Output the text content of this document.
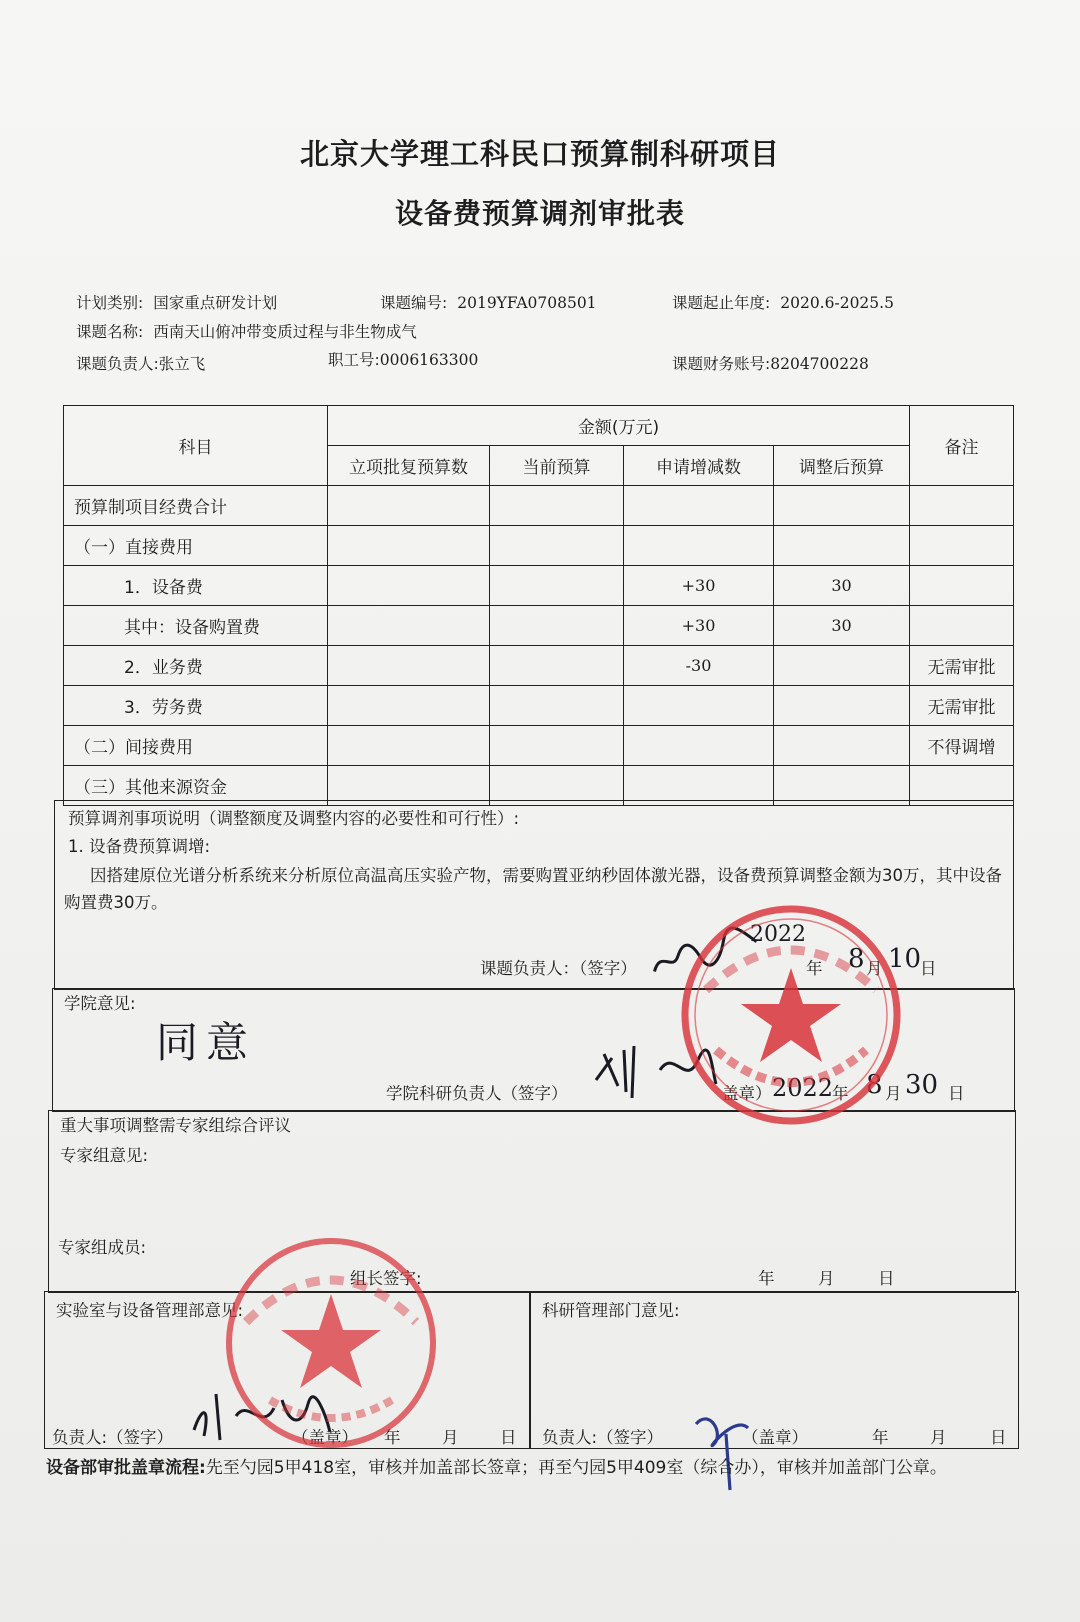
北京大学理工科民口预算制科研项目
设备费预算调剂审批表
计划类别: 国家重点研发计划	课题编号: 2019YFA0708501	课题起止年度: 2020.6-2025.5
课题名称: 西南天山俯冲带变质过程与非生物成气
课题负责人:张立飞	职工号:0006163300	课题财务账号:8204700228
科目	金额(万元)				备注
	立项批复预算数	当前预算	申请增减数	调整后预算	
预算制项目经费合计					
（一）直接费用					
1．设备费			+30	30	
其中：设备购置费			+30	30	
2．业务费			-30		无需审批
3．劳务费					无需审批
（二）间接费用					不得调增
（三）其他来源资金					
预算调剂事项说明（调整额度及调整内容的必要性和可行性）:
1. 设备费预算调增:
因搭建原位光谱分析系统来分析原位高温高压实验产物，需要购置亚纳秒固体激光器，设备费预算调整金额为30万，其中设备购置费30万。
课题负责人：（签字）
2022
年 8 月 10
日
学院意见:
同意
学院科研负责人（签字）	盖章） 2022
年 8 月 30 日
重大事项调整需专家组综合评议
专家组意见:
专家组成员:
组长签字:	年	月	日
实验室与设备管理部意见:	科研管理部门意见:
负责人:（签字）	（盖章） 年	月	日 负责人:（签字）	（盖章）	年	月	日
设备部审批盖章流程:先至勺园5甲418室，审核并加盖部长签章；再至勺园5甲409室（综合办），审核并加盖部门公章。
